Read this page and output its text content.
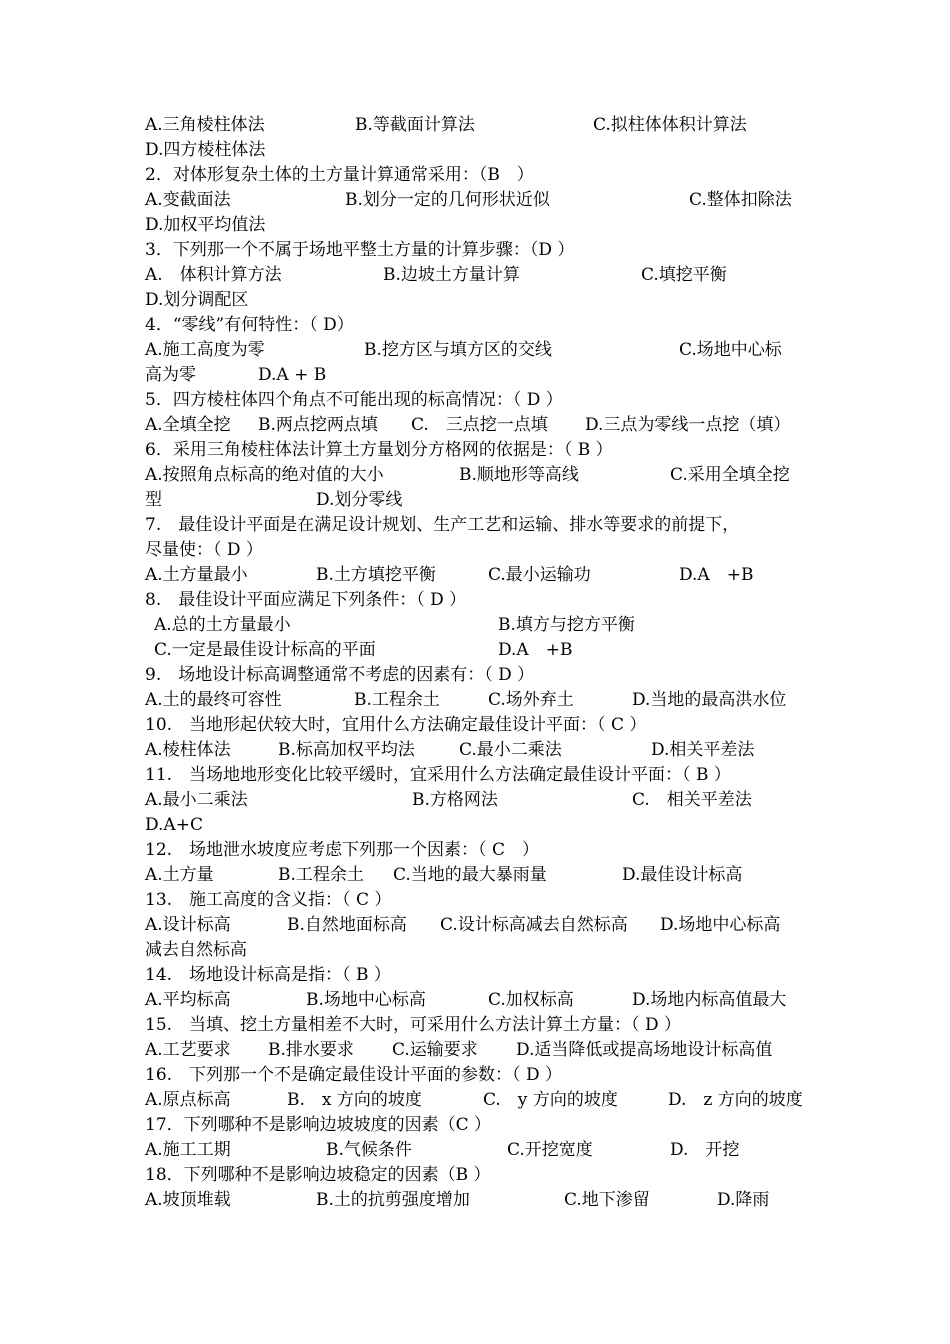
A.三角棱柱体法	B.等截面计算法	C.拟柱体体积计算法
D.四方棱柱体法
2．对体形复杂土体的土方量计算通常采用：（B　）
A.变截面法	B.划分一定的几何形状近似	C.整体扣除法
D.加权平均值法
3．下列那一个不属于场地平整土方量的计算步骤：（D ）
A.　体积计算方法	B.边坡土方量计算	C.填挖平衡
D.划分调配区
4．“零线”有何特性：（ D）
A.施工高度为零	B.挖方区与填方区的交线	C.场地中心标
高为零	D.A + B
5．四方棱柱体四个角点不可能出现的标高情况：（ D ）
A.全填全挖 B.两点挖两点填 C.　三点挖一点填 D.三点为零线一点挖（填）
6．采用三角棱柱体法计算土方量划分方格网的依据是：（ B ）
A.按照角点标高的绝对值的大小	B.顺地形等高线	C.采用全填全挖
型	D.划分零线
7.　最佳设计平面是在满足设计规划、生产工艺和运输、排水等要求的前提下，
尽量使：（ D ）
A.土方量最小	B.土方填挖平衡	C.最小运输功	D.A　+B
8.　最佳设计平面应满足下列条件：（ D ）
A.总的土方量最小	B.填方与挖方平衡
C.一定是最佳设计标高的平面	D.A　+B
9.　场地设计标高调整通常不考虑的因素有：（ D ）
A.土的最终可容性	B.工程余土	C.场外弃土	D.当地的最高洪水位
10.　当地形起伏较大时，宜用什么方法确定最佳设计平面：（ C ）
A.棱柱体法	B.标高加权平均法	C.最小二乘法	D.相关平差法
11.　当场地地形变化比较平缓时，宜采用什么方法确定最佳设计平面：（ B ）
A.最小二乘法	B.方格网法	C.　相关平差法
D.A+C
12.　场地泄水坡度应考虑下列那一个因素：（ C　）
A.土方量	B.工程余土 C.当地的最大暴雨量	D.最佳设计标高
13.　施工高度的含义指：（ C ）
A.设计标高	B.自然地面标高 C.设计标高减去自然标高 D.场地中心标高
减去自然标高
14.　场地设计标高是指：（ B ）
A.平均标高	B.场地中心标高	C.加权标高	D.场地内标高值最大
15.　当填、挖土方量相差不大时，可采用什么方法计算土方量：（ D ）
A.工艺要求 B.排水要求 C.运输要求 D.适当降低或提高场地设计标高值
16.　下列那一个不是确定最佳设计平面的参数：（ D ）
A.原点标高	B.　x 方向的坡度	C.　y 方向的坡度	D.　z 方向的坡度
17．下列哪种不是影响边坡坡度的因素（C ）
A.施工工期	B.气候条件	C.开挖宽度	D.　开挖
18．下列哪种不是影响边坡稳定的因素（B ）
A.坡顶堆载	B.土的抗剪强度增加	C.地下渗留	D.降雨
